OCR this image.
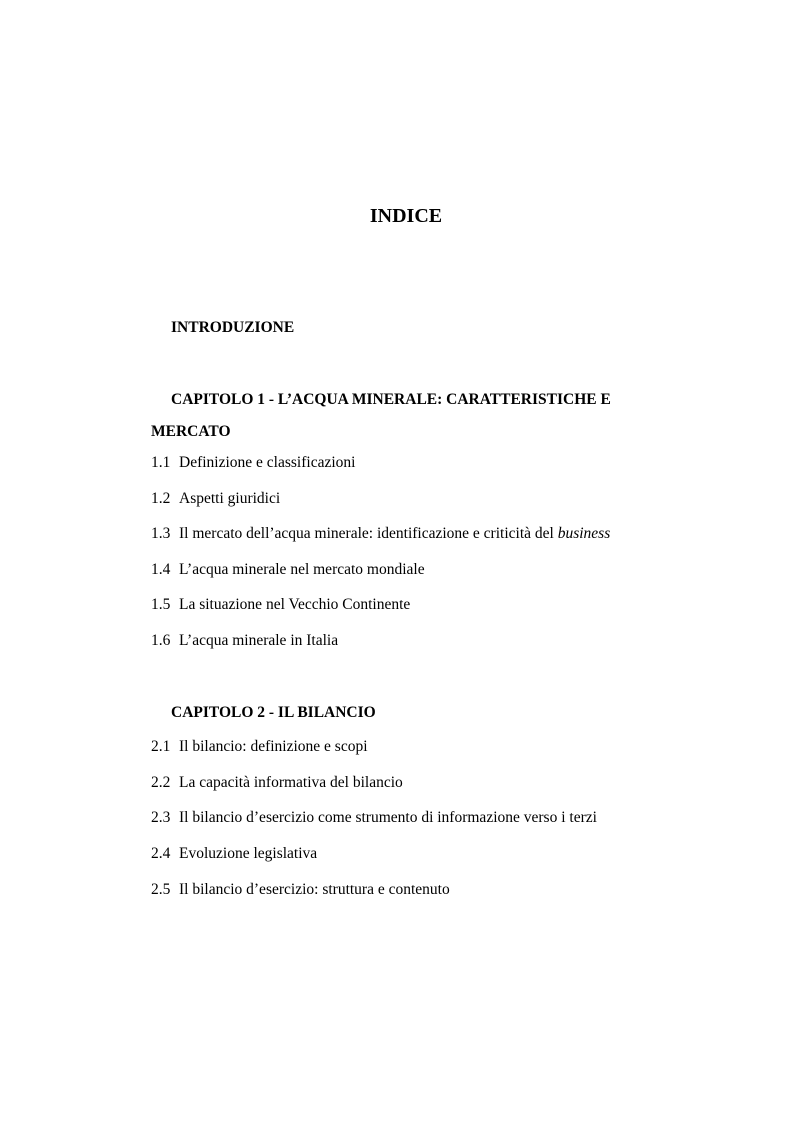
INDICE

INTRODUZIONE

CAPITOLO 1 - L’ACQUA MINERALE: CARATTERISTICHE E MERCATO

1.1 Definizione e classificazioni

1.2 Aspetti giuridici

1.3 Il mercato dell’acqua minerale: identificazione e criticità del business

1.4 L’acqua minerale nel mercato mondiale

1.5 La situazione nel Vecchio Continente

1.6 L’acqua minerale in Italia

CAPITOLO 2 - IL BILANCIO

2.1 Il bilancio: definizione e scopi

2.2 La capacità informativa del bilancio

2.3 Il bilancio d’esercizio come strumento di informazione verso i terzi

2.4 Evoluzione legislativa

2.5 Il bilancio d’esercizio: struttura e contenuto
